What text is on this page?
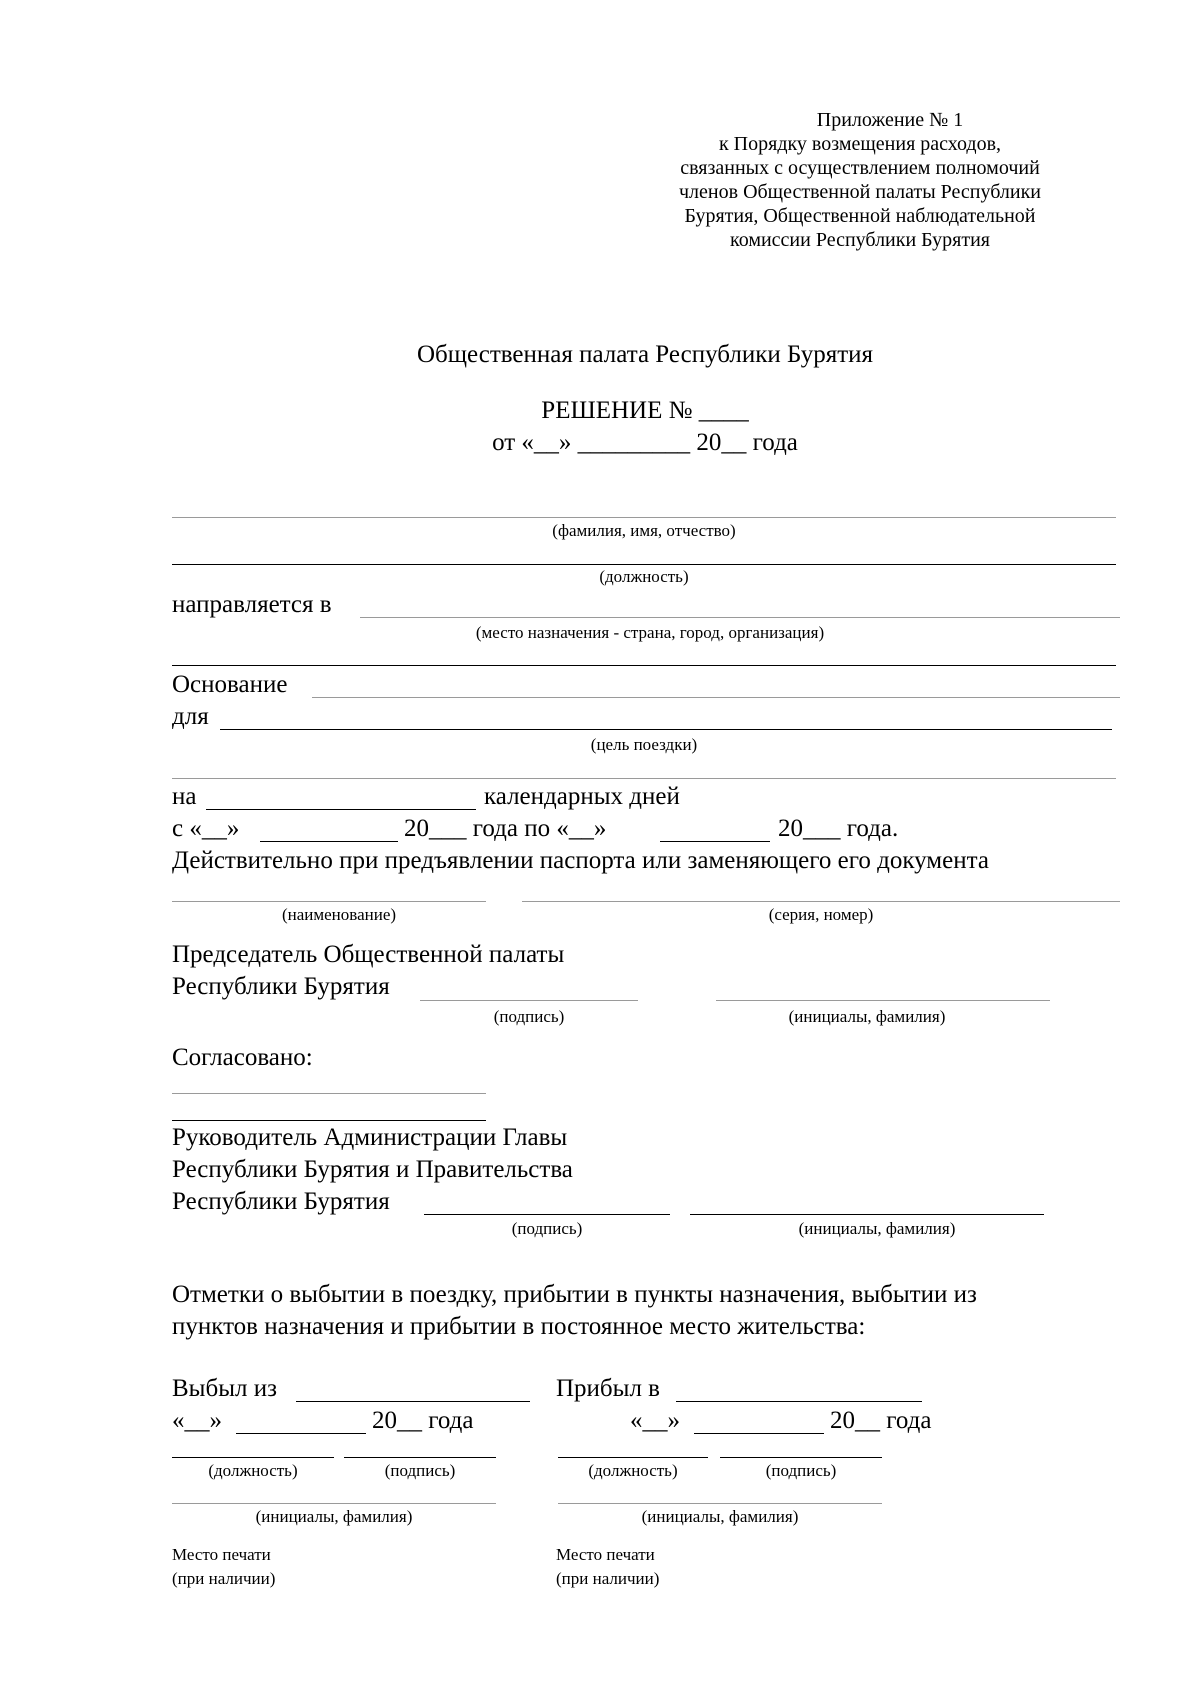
Приложение № 1
к Порядку возмещения расходов,
связанных с осуществлением полномочий
членов Общественной палаты Республики
Бурятия, Общественной наблюдательной
комиссии Республики Бурятия
Общественная палата Республики Бурятия
РЕШЕНИЕ № ____
от «__» _________ 20__ года
(фамилия, имя, отчество)
(должность)
направляется в
(место назначения - страна, город, организация)
Основание
для
(цель поездки)
на	календарных дней
с «__»	20___ года по «__»	20___ года.
Действительно при предъявлении паспорта или заменяющего его документа
(наименование)	(серия, номер)
Председатель Общественной палаты
Республики Бурятия
(подпись)	(инициалы, фамилия)
Согласовано:
Руководитель Администрации Главы
Республики Бурятия и Правительства
Республики Бурятия
(подпись)	(инициалы, фамилия)
Отметки о выбытии в поездку, прибытии в пункты назначения, выбытии из
пунктов назначения и прибытии в постоянное место жительства:
Выбыл из
«__»	20__ года
(должность)	(подпись)
(инициалы, фамилия)
Место печати
(при наличии)
Прибыл в
«__»	20__ года
(должность)	(подпись)
(инициалы, фамилия)
Место печати
(при наличии)
